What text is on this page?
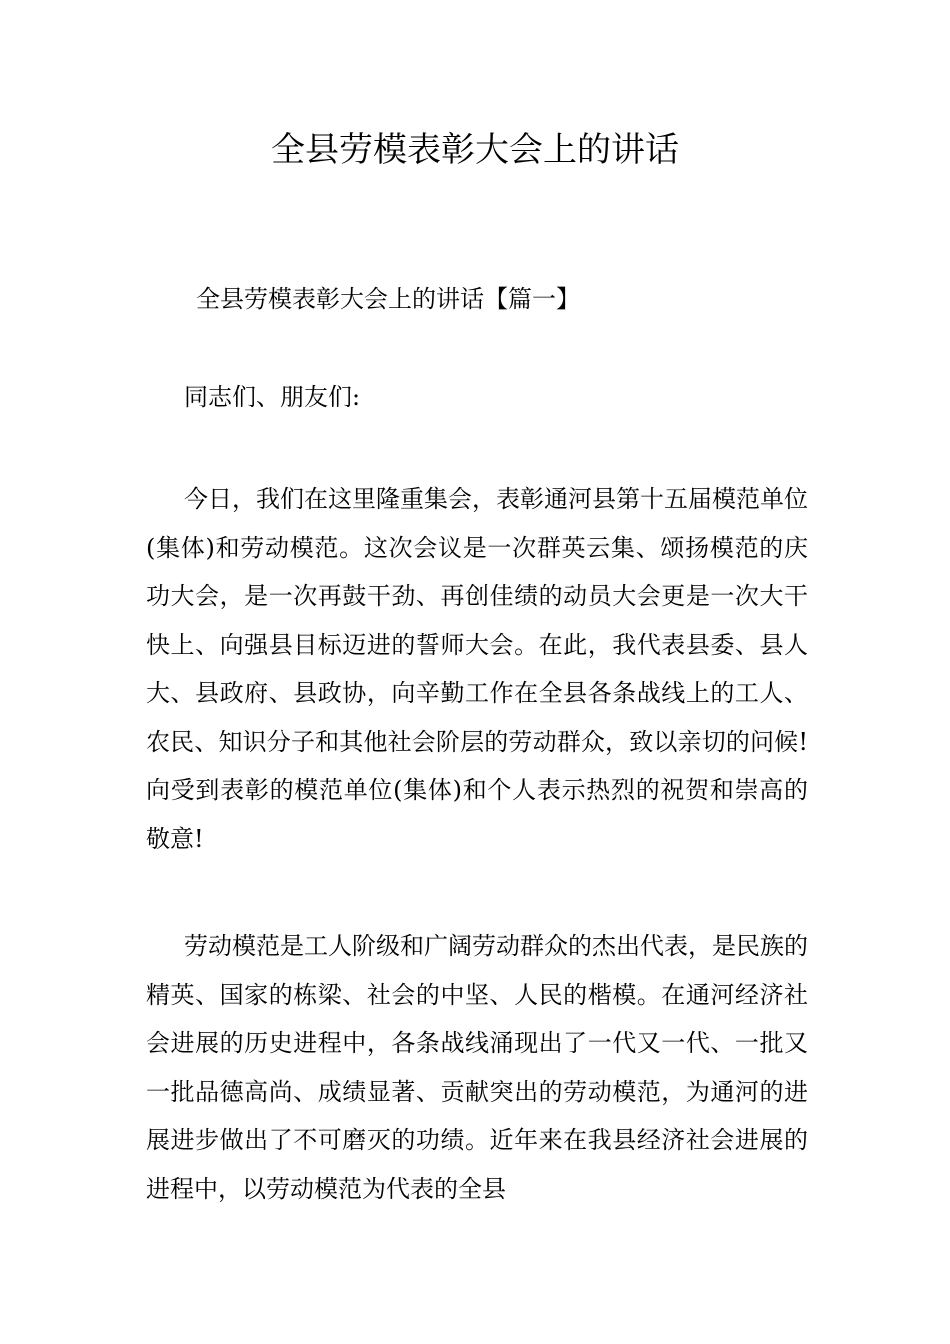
全县劳模表彰大会上的讲话

全县劳模表彰大会上的讲话【篇一】

同志们、朋友们:

今日，我们在这里隆重集会，表彰通河县第十五届模范单位(集体)和劳动模范。这次会议是一次群英云集、颂扬模范的庆功大会，是一次再鼓干劲、再创佳绩的动员大会更是一次大干快上、向强县目标迈进的誓师大会。在此，我代表县委、县人大、县政府、县政协，向辛勤工作在全县各条战线上的工人、农民、知识分子和其他社会阶层的劳动群众，致以亲切的问候!向受到表彰的模范单位(集体)和个人表示热烈的祝贺和崇高的敬意!

劳动模范是工人阶级和广阔劳动群众的杰出代表，是民族的精英、国家的栋梁、社会的中坚、人民的楷模。在通河经济社会进展的历史进程中，各条战线涌现出了一代又一代、一批又一批品德高尚、成绩显著、贡献突出的劳动模范，为通河的进展进步做出了不可磨灭的功绩。近年来在我县经济社会进展的进程中，以劳动模范为代表的全县
